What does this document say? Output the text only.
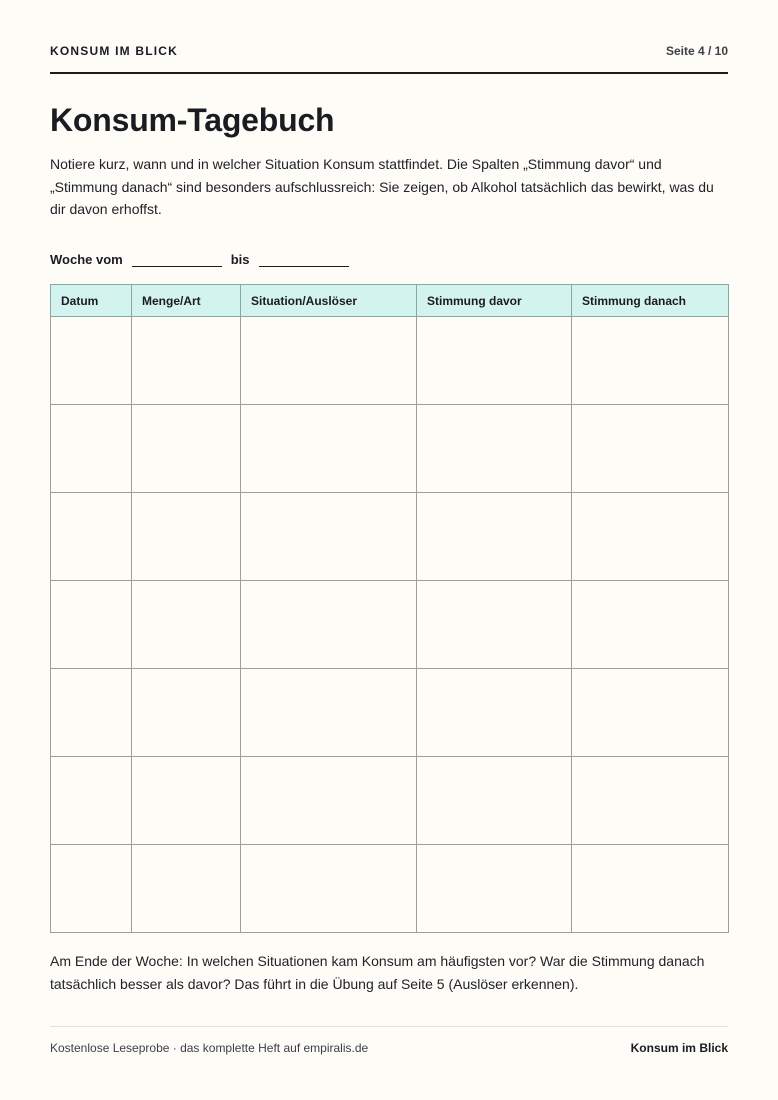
KONSUM IM BLICK	Seite 4 / 10
Konsum-Tagebuch

Notiere kurz, wann und in welcher Situation Konsum stattfindet. Die Spalten „Stimmung davor“ und „Stimmung danach“ sind besonders aufschlussreich: Sie zeigen, ob Alkohol tatsächlich das bewirkt, was du dir davon erhoffst.

Woche vom	bis
Datum	Menge/Art	Situation/Auslöser	Stimmung davor	Stimmung danach

Am Ende der Woche: In welchen Situationen kam Konsum am häufigsten vor? War die Stimmung danach tatsächlich besser als davor? Das führt in die Übung auf Seite 5 (Auslöser erkennen).

Kostenlose Leseprobe · das komplette Heft auf empiralis.de	Konsum im Blick
